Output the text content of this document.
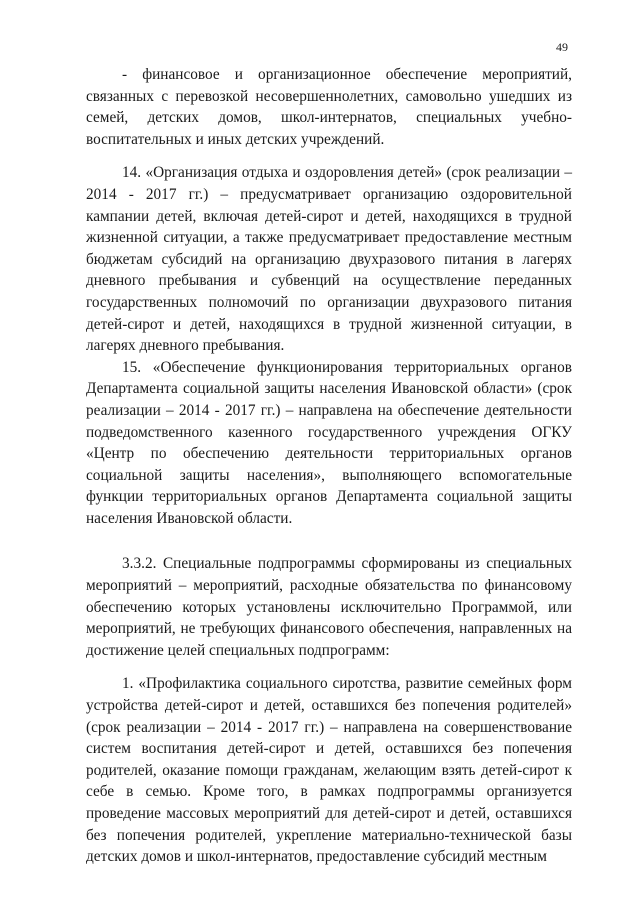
49

- финансовое и организационное обеспечение мероприятий, связанных с перевозкой несовершеннолетних, самовольно ушедших из семей, детских домов, школ-интернатов, специальных учебно-воспитательных и иных детских учреждений.

14. «Организация отдыха и оздоровления детей» (срок реализации – 2014 - 2017 гг.) – предусматривает организацию оздоровительной кампании детей, включая детей-сирот и детей, находящихся в трудной жизненной ситуации, а также предусматривает предоставление местным бюджетам субсидий на организацию двухразового питания в лагерях дневного пребывания и субвенций на осуществление переданных государственных полномочий по организации двухразового питания детей-сирот и детей, находящихся в трудной жизненной ситуации, в лагерях дневного пребывания.

15. «Обеспечение функционирования территориальных органов Департамента социальной защиты населения Ивановской области» (срок реализации – 2014 - 2017 гг.) – направлена на обеспечение деятельности подведомственного казенного государственного учреждения ОГКУ «Центр по обеспечению деятельности территориальных органов социальной защиты населения», выполняющего вспомогательные функции территориальных органов Департамента социальной защиты населения Ивановской области.

3.3.2. Специальные подпрограммы сформированы из специальных мероприятий – мероприятий, расходные обязательства по финансовому обеспечению которых установлены исключительно Программой, или мероприятий, не требующих финансового обеспечения, направленных на достижение целей специальных подпрограмм:

1. «Профилактика социального сиротства, развитие семейных форм устройства детей-сирот и детей, оставшихся без попечения родителей» (срок реализации – 2014 - 2017 гг.) – направлена на совершенствование систем воспитания детей-сирот и детей, оставшихся без попечения родителей, оказание помощи гражданам, желающим взять детей-сирот к себе в семью. Кроме того, в рамках подпрограммы организуется проведение массовых мероприятий для детей-сирот и детей, оставшихся без попечения родителей, укрепление материально-технической базы детских домов и школ-интернатов, предоставление субсидий местным
